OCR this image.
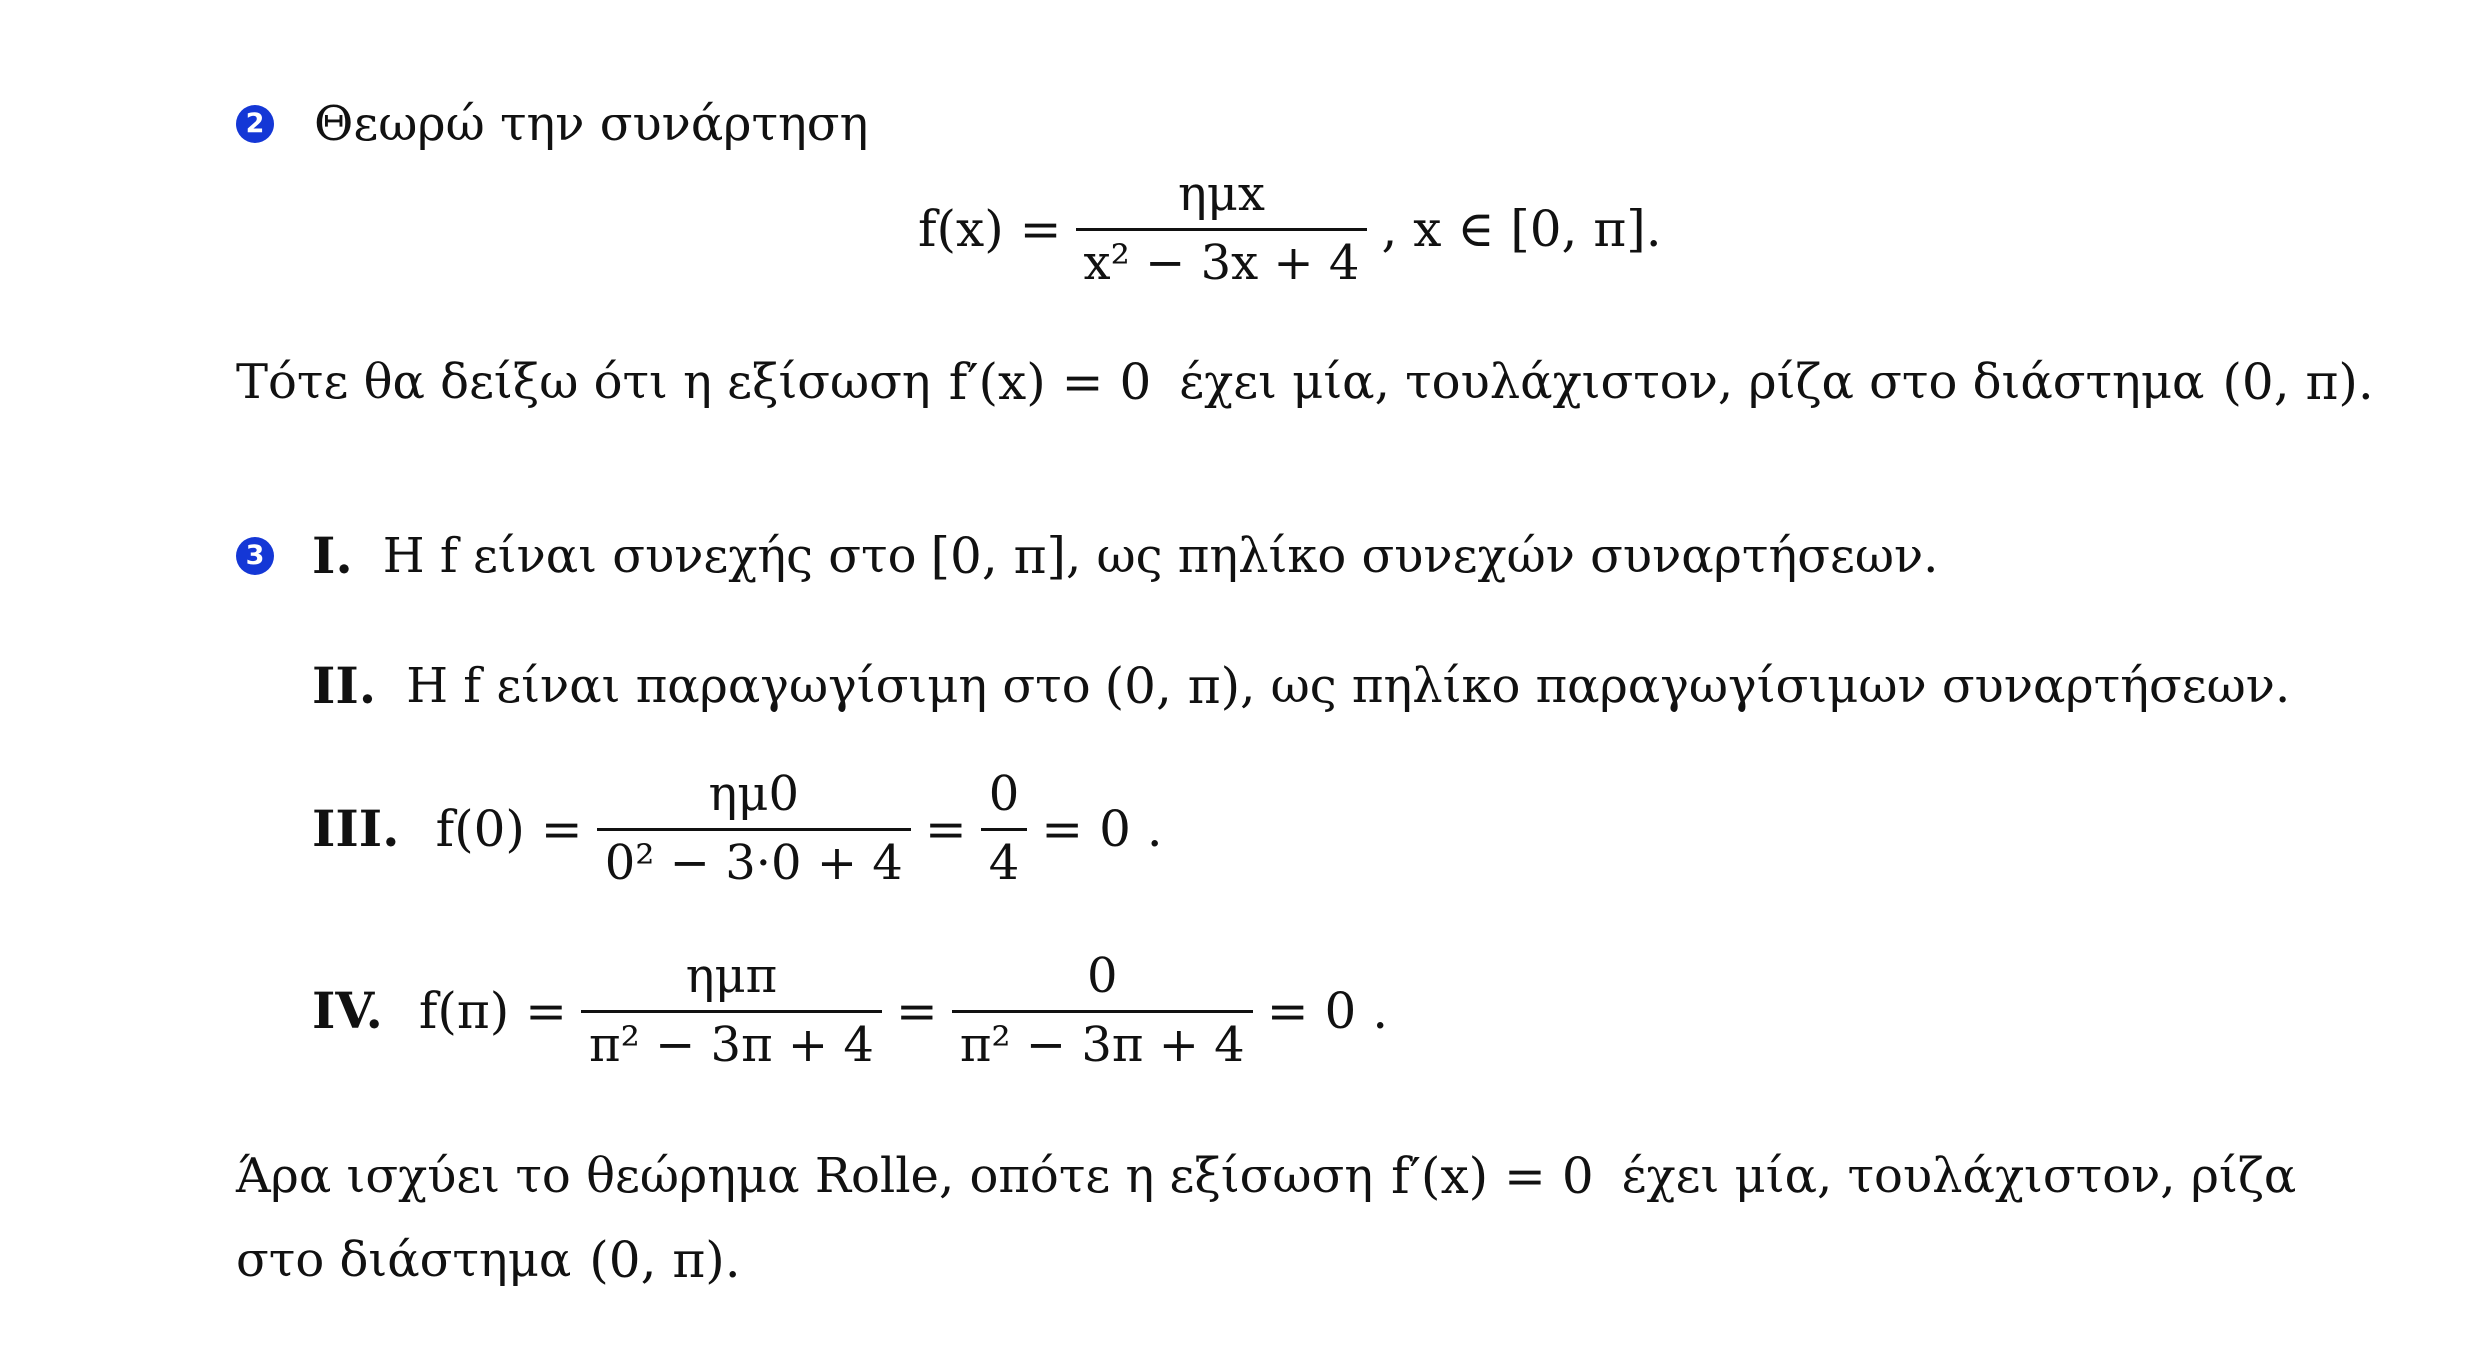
2 Θεωρώ την συνάρτηση
$f(x) = \frac{\text{ημx}}{\text{x² − 3x + 4}}$ , x ∈ [0, π].
Τότε θα δείξω ότι η εξίσωση f′(x) = 0 έχει μία, τουλάχιστον, ρίζα στο διάστημα (0, π).
3 I. Η f είναι συνεχής στο [0, π] , ως πηλίκο συνεχών συναρτήσεων.
II. Η f είναι παραγωγίσιμη στο (0, π) , ως πηλίκο παραγωγίσιμων συναρτήσεων.
III. $f(0) = \frac{\eta\mu 0}{\text{0² − 3·0 + 4}} = \frac{0}{4} = 0$ .
IV. $f(\pi) = \frac{\text{ημπ}}{\text{π² − 3π + 4}} = \frac{0}{\text{π² − 3π + 4}} = 0$ .
Άρα ισχύει το θεώρημα Rolle, οπότε η εξίσωση f′(x) = 0 έχει μία, τουλάχιστον, ρίζα
στο διάστημα (0, π).
